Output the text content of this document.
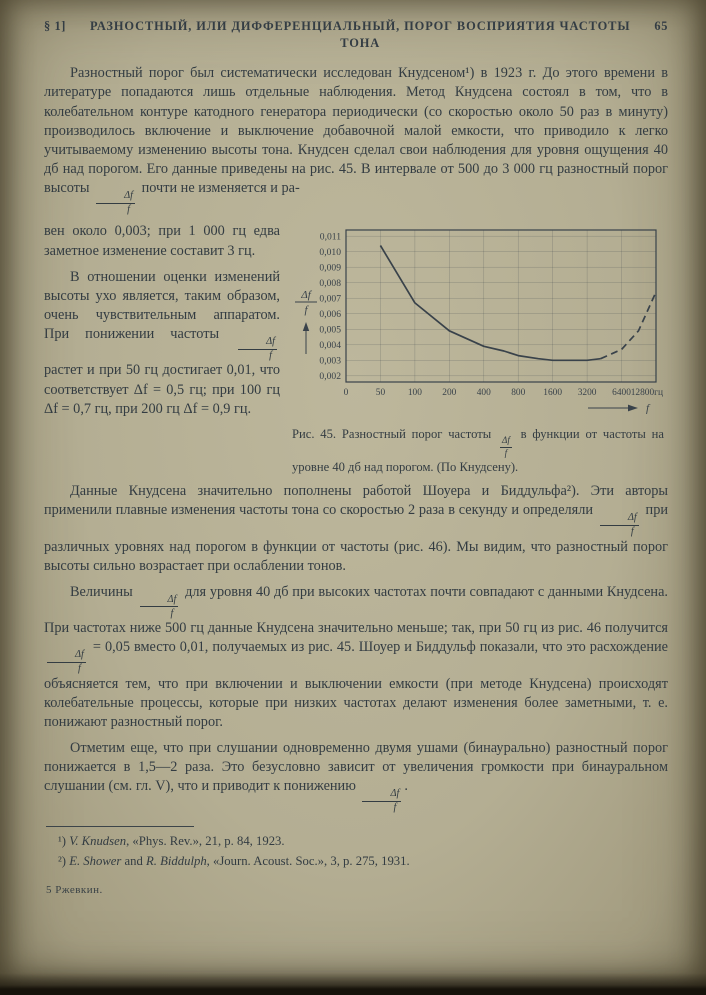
§ 1]	РАЗНОСТНЫЙ, ИЛИ ДИФФЕРЕНЦИАЛЬНЫЙ, ПОРОГ ВОСПРИЯТИЯ ЧАСТОТЫ ТОНА
65

Разностный порог был систематически исследован Кнудсеном¹) в 1923 г. До этого времени в литературе попадаются лишь отдельные наблюдения. Метод Кнудсена состоял в том, что в колебательном контуре катодного генератора периодически (со скоростью около 50 раз в минуту) производилось включение и выключение добавочной малой емкости, что приводило к легко учитываемому изменению высоты тона. Кнудсен сделал свои наблюдения для уровня ощущения 40 дб над порогом. Его данные приведены на рис. 45. В интервале от 500 до 3 000 гц разностный порог высоты
$\frac{\Delta f}{f}$
почти не изменяется и ра-

вен около 0,003; при 1 000 гц едва заметное изменение составит 3 гц.

В отношении оценки изменений высоты ухо является, таким образом, очень чувствительным аппаратом. При понижении частоты
$\frac{\Delta f}{f}$
растет и при 50 гц достигает 0,01, что соответствует Δf = 0,5 гц; при 100 гц Δf = 0,7 гц, при 200 гц Δf = 0,9 гц.

0,002
0,003
0,004
0,005
0,006
0,007
0,008
0,009
0,010
0,011
0	50 100 200 400 800 1600 3200 6400 12800гц
Δf
f
f
Рис. 45. Разностный порог частоты
$\frac{\Delta f}{f}$
в функции от частоты на уровне 40 дб над порогом. (По Кнудсену).

Данные Кнудсена значительно пополнены работой Шоуера и Биддульфа²). Эти авторы применили плавные изменения частоты тона со скоростью 2 раза в секунду и определяли
$\frac{\Delta f}{f}$
при различных уровнях над порогом в функции от частоты (рис. 46). Мы видим, что разностный порог высоты сильно возрастает при ослаблении тонов.

Величины
$\frac{\Delta f}{f}$
для уровня 40 дб при высоких частотах почти совпадают с данными Кнудсена. При частотах ниже 500 гц данные Кнудсена значительно меньше; так, при 50 гц из рис. 46 получится
$\frac{\Delta f}{f}$
= 0,05 вместо 0,01, получаемых из рис. 45. Шоуер и Биддульф показали, что это расхождение объясняется тем, что при включении и выключении емкости (при методе Кнудсена) происходят колебательные процессы, которые при низких частотах делают изменения более заметными, т. е. понижают разностный порог.

Отметим еще, что при слушании одновременно двумя ушами (бинаурально) разностный порог понижается в 1,5—2 раза. Это безусловно зависит от увеличения громкости при бинауральном слушании (см. гл. V), что и приводит к понижению
$\frac{\Delta f}{f}$
.

¹) V. Knudsen, «Phys. Rev.», 21, p. 84, 1923.

²) E. Shower and R. Biddulph, «Journ. Acoust. Soc.», 3, p. 275, 1931.

5 Ржевкин.
